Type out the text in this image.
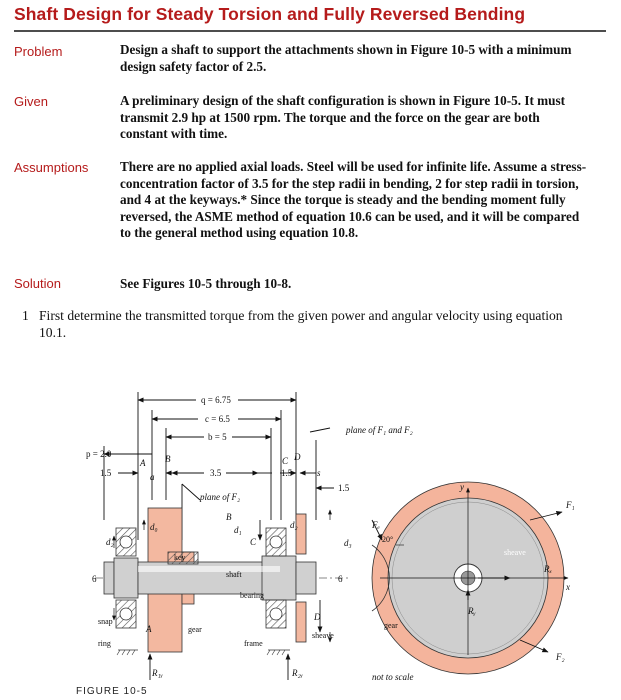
Shaft Design for Steady Torsion and Fully Reversed Bending
Problem	Design a shaft to support the attachments shown in Figure 10-5 with a minimum design safety factor of 2.5.
Given	A preliminary design of the shaft configuration is shown in Figure 10-5. It must transmit 2.9 hp at 1500 rpm. The torque and the force on the gear are both constant with time.
Assumptions There are no applied axial loads. Steel will be used for infinite life. Assume a stress-concentration factor of 3.5 for the step radii in bending, 2 for step radii in torsion, and 4 at the keyways.* Since the torque is steady and the bending moment fully reversed, the ASME method of equation 10.6 can be used, and it will be compared to the general method using equation 10.8.
Solution	See Figures 10-5 through 10-8.
1 First determine the transmitted torque from the given power and angular velocity using equation 10.1.
q = 6.75
c = 6.5
b = 5
p = 2.0
1.5	a	3.5	1.5	s
1.5
A B	C D
plane of F₁ and F₂
plane of F₂
B
d₁
C
d₂
d₂
d₀
d₃
key
shaft
bearing
6	6
snap
ring
A	gear
frame
D
sheave
R₁ᵧ	R₂ᵧ
Fₑ
20°
gear
y
x
F₁
sheave
Rₓ
Rᵧ
F₂
not to scale
FIGURE 10-5
